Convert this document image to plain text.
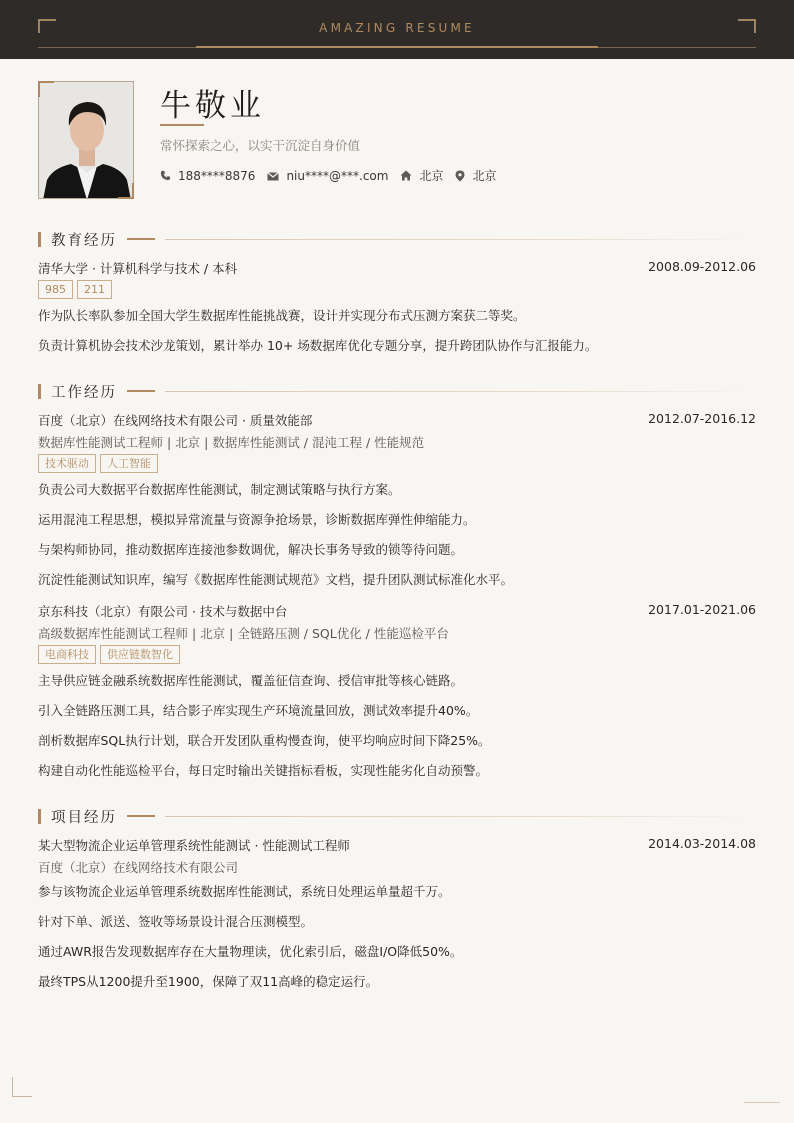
AMAZING RESUME
牛敬业
常怀探索之心，以实干沉淀自身价值
188****8876	niu****@***.com	北京 北京
教育经历
清华大学 · 计算机科学与技术 / 本科	2008.09-2012.06
985	211
作为队长率队参加全国大学生数据库性能挑战赛，设计并实现分布式压测方案获二等奖。
负责计算机协会技术沙龙策划，累计举办 10+ 场数据库优化专题分享，提升跨团队协作与汇报能力。
工作经历
百度（北京）在线网络技术有限公司 · 质量效能部	2012.07-2016.12
数据库性能测试工程师 | 北京 | 数据库性能测试 / 混沌工程 / 性能规范
技术驱动	人工智能
负责公司大数据平台数据库性能测试，制定测试策略与执行方案。
运用混沌工程思想，模拟异常流量与资源争抢场景，诊断数据库弹性伸缩能力。
与架构师协同，推动数据库连接池参数调优，解决长事务导致的锁等待问题。
沉淀性能测试知识库，编写《数据库性能测试规范》文档，提升团队测试标准化水平。
京东科技（北京）有限公司 · 技术与数据中台	2017.01-2021.06
高级数据库性能测试工程师 | 北京 | 全链路压测 / SQL优化 / 性能巡检平台
电商科技	供应链数智化
主导供应链金融系统数据库性能测试，覆盖征信查询、授信审批等核心链路。
引入全链路压测工具，结合影子库实现生产环境流量回放，测试效率提升40%。
剖析数据库SQL执行计划，联合开发团队重构慢查询，使平均响应时间下降25%。
构建自动化性能巡检平台，每日定时输出关键指标看板，实现性能劣化自动预警。
项目经历
某大型物流企业运单管理系统性能测试 · 性能测试工程师	2014.03-2014.08
百度（北京）在线网络技术有限公司
参与该物流企业运单管理系统数据库性能测试，系统日处理运单量超千万。
针对下单、派送、签收等场景设计混合压测模型。
通过AWR报告发现数据库存在大量物理读，优化索引后，磁盘I/O降低50%。
最终TPS从1200提升至1900，保障了双11高峰的稳定运行。
